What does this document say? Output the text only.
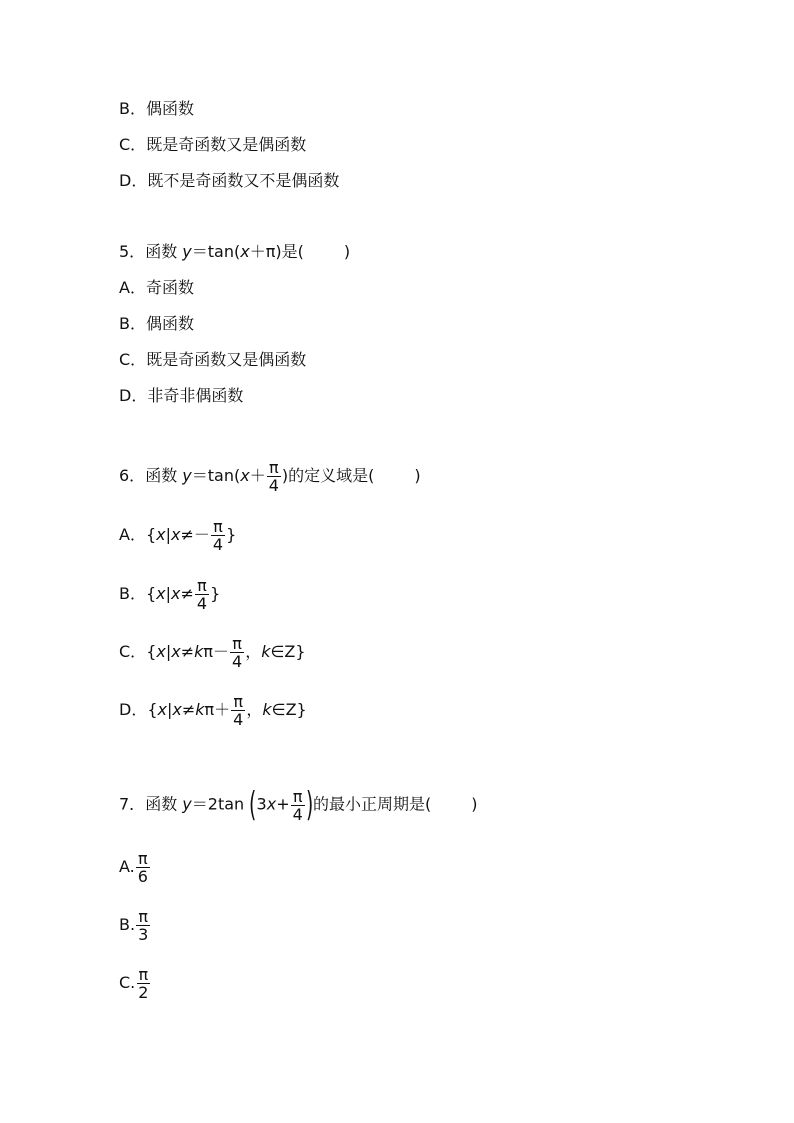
B．偶函数
C．既是奇函数又是偶函数
D．既不是奇函数又不是偶函数
5．函数 y＝tan(x＋π)是(	)
A．奇函数
B．偶函数
C．既是奇函数又是偶函数
D．非奇非偶函数
6．函数 $y=\tan(x+ \frac{\pi}{4}$ )的定义域是(	)
A．{$x|x\ne- \frac{\pi}{4}$ }
B．{$x|x\ne \frac{\pi}{4}$ }
C．{$x|x\ne k\pi- \frac{\pi}{4}$ ，k∈Z}
D．{$x|x\ne k\pi+ \frac{\pi}{4}$ ，k∈Z}
7．函数 y＝2tan ($3x+ \frac{\pi}{4}$ )的最小正周期是(	)
A. $\frac{\pi}{6}$
B. $\frac{\pi}{3}$
C. $\frac{\pi}{2}$
